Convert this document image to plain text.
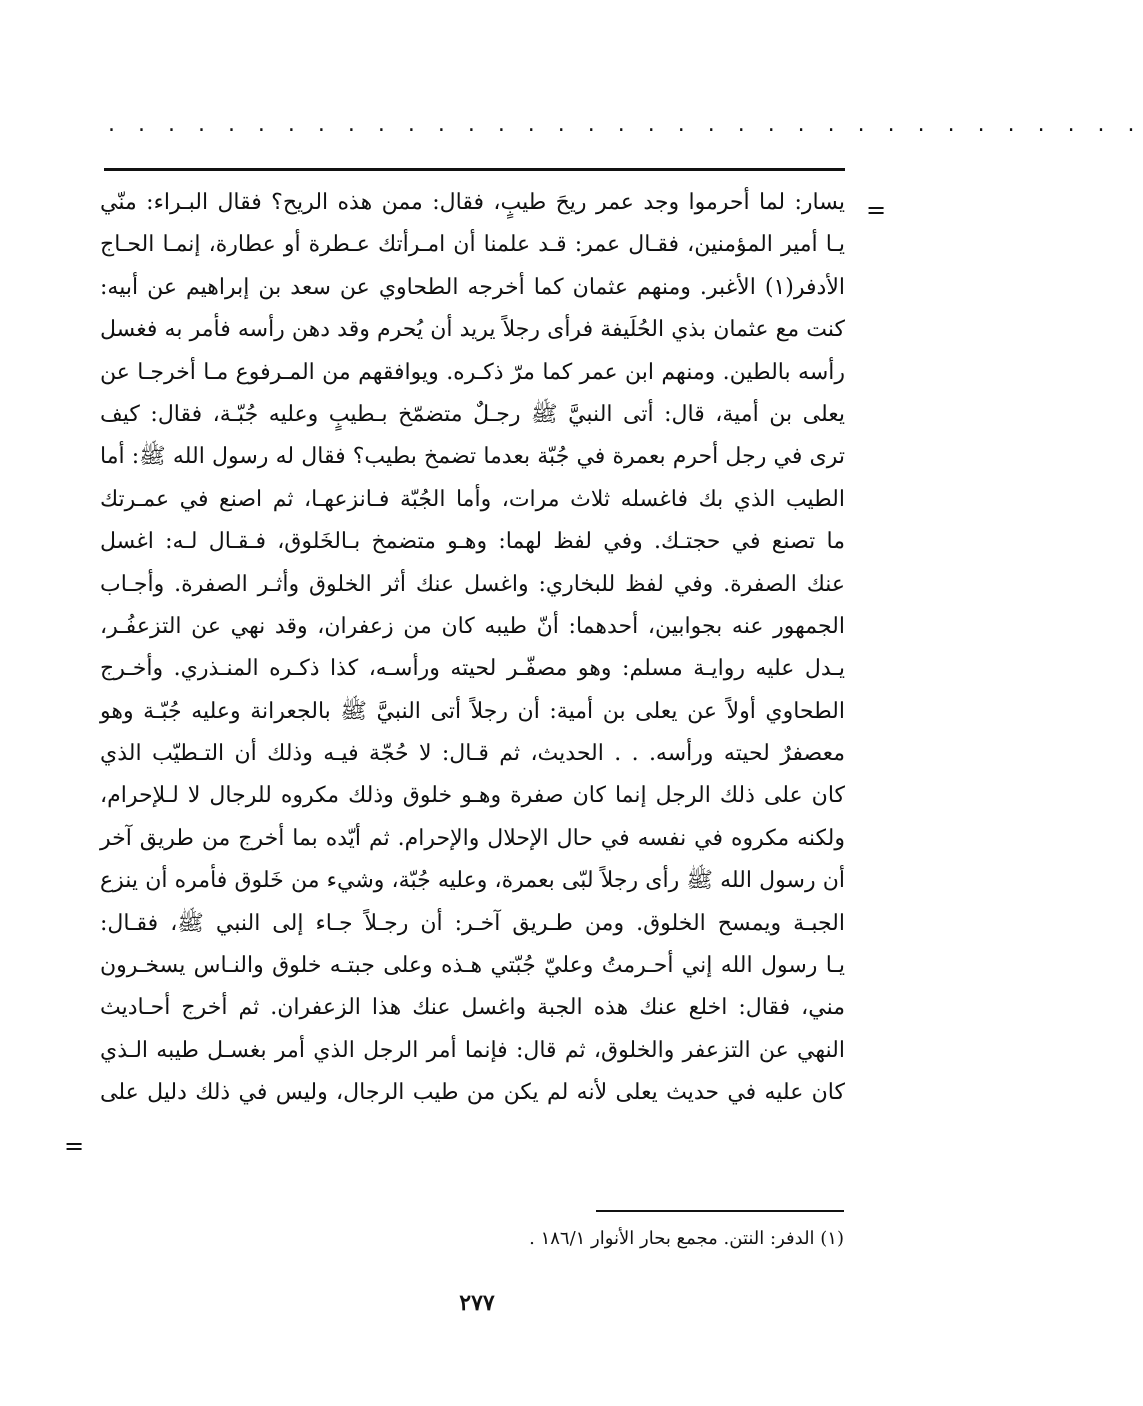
. . . . . . . . . . . . . . . . . . . . . . . . . . . . . . . . . . .
=
يسار: لما أحرموا وجد عمر ريحَ طيبٍ، فقال: ممن هذه الريح؟ فقال البـراء: منّي
يـا أمير المؤمنين، فقـال عمر: قـد علمنا أن امـرأتك عـطرة أو عطارة، إنمـا الحـاج
الأدفر(١) الأغبر. ومنهم عثمان كما أخرجه الطحاوي عن سعد بن إبراهيم عن أبيه:
كنت مع عثمان بذي الحُلَيفة فرأى رجلاً يريد أن يُحرم وقد دهن رأسه فأمر به فغسل
رأسه بالطين. ومنهم ابن عمر كما مرّ ذكـره. ويوافقهم من المـرفوع مـا أخرجـا عن
يعلى بن أمية، قال: أتى النبيَّ ﷺ رجـلٌ متضمّخ بـطيبٍ وعليه جُبّـة، فقال: كيف
ترى في رجل أحرم بعمرة في جُبّة بعدما تضمخ بطيب؟ فقال له رسول الله ﷺ: أما
الطيب الذي بك فاغسله ثلاث مرات، وأما الجُبّة فـانزعهـا، ثم اصنع في عمـرتك
ما تصنع في حجتـك. وفي لفظ لهما: وهـو متضمخ بـالخَلوق، فـقـال لـه: اغسل
عنك الصفرة. وفي لفظ للبخاري: واغسل عنك أثر الخلوق وأثـر الصفرة. وأجـاب
الجمهور عنه بجوابين، أحدهما: أنّ طيبه كان من زعفران، وقد نهي عن التزعفُـر،
يـدل عليه روايـة مسلم: وهو مصفّـر لحيته ورأسـه، كذا ذكـره المنـذري. وأخـرج
الطحاوي أولاً عن يعلى بن أمية: أن رجلاً أتى النبيَّ ﷺ بالجعرانة وعليه جُبّـة وهو
معصفرٌ لحيته ورأسه. . . الحديث، ثم قـال: لا حُجّة فيـه وذلك أن التـطيّب الذي
كان على ذلك الرجل إنما كان صفرة وهـو خلوق وذلك مكروه للرجال لا لـلإحرام،
ولكنه مكروه في نفسه في حال الإحلال والإحرام. ثم أيّده بما أخرج من طريق آخر
أن رسول الله ﷺ رأى رجلاً لبّى بعمرة، وعليه جُبّة، وشيء من خَلوق فأمره أن ينزع
الجبـة ويمسح الخلوق. ومن طـريق آخـر: أن رجـلاً جـاء إلى النبي ﷺ، فقـال:
يـا رسول الله إني أحـرمتُ وعليّ جُبّتي هـذه وعلى جبتـه خلوق والنـاس يسخـرون
مني، فقال: اخلع عنك هذه الجبة واغسل عنك هذا الزعفران. ثم أخرج أحـاديث
النهي عن التزعفر والخلوق، ثم قال: فإنما أمر الرجل الذي أمر بغسـل طيبه الـذي
كان عليه في حديث يعلى لأنه لم يكن من طيب الرجال، وليس في ذلك دليل على
=
(١) الدفر: النتن. مجمع بحار الأنوار ١٨٦/١ .
٢٧٧
